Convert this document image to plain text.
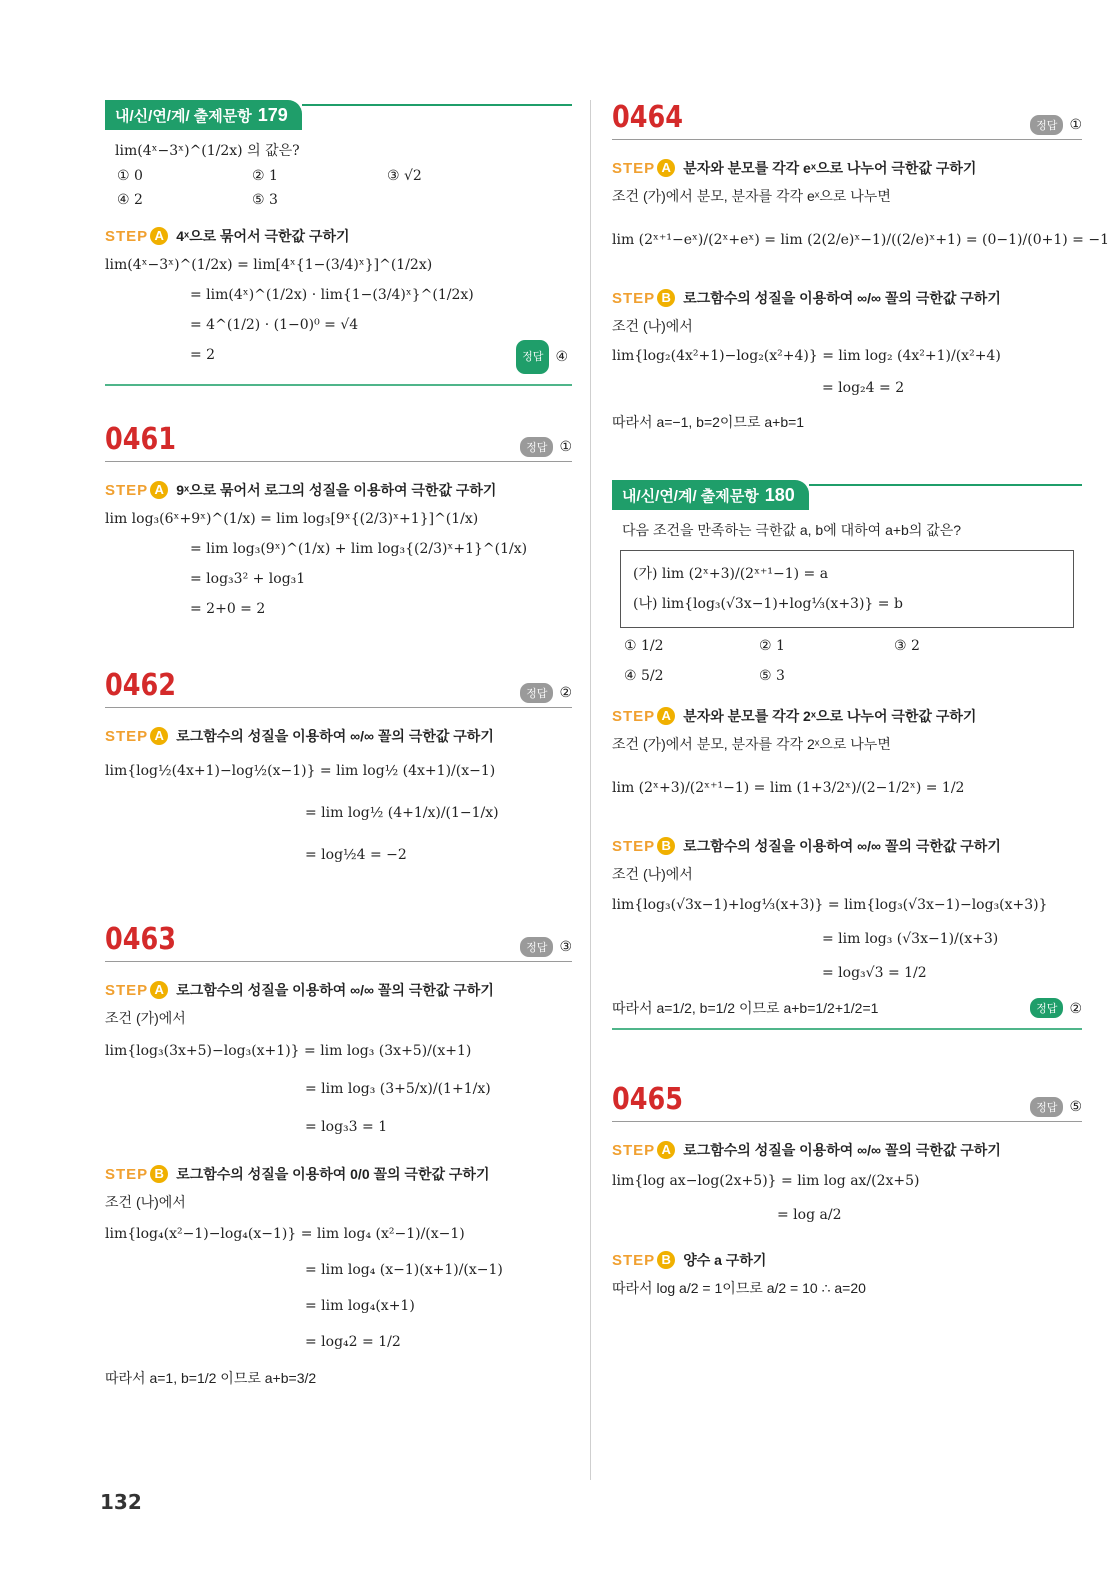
내/신/연/계/ 출제문항 179
lim(4ˣ−3ˣ)^(1/2x) 의 값은?
① 0	② 1	③ √2
④ 2	⑤ 3
STEP A 4ˣ으로 묶어서 극한값 구하기
lim(4ˣ−3ˣ)^(1/2x) = lim[4ˣ{1−(3/4)ˣ}]^(1/2x)
= lim(4ˣ)^(1/2x) · lim{1−(3/4)ˣ}^(1/2x)
= 4^(1/2) · (1−0)⁰ = √4
= 2	정답 ④
0461	정답 ①
STEP A 9ˣ으로 묶어서 로그의 성질을 이용하여 극한값 구하기
lim log₃(6ˣ+9ˣ)^(1/x) = lim log₃[9ˣ{(2/3)ˣ+1}]^(1/x)
= lim log₃(9ˣ)^(1/x) + lim log₃{(2/3)ˣ+1}^(1/x)
= log₃3² + log₃1
= 2+0 = 2
0462	정답 ②
STEP A 로그함수의 성질을 이용하여 ∞/∞ 꼴의 극한값 구하기
lim{log½(4x+1)−log½(x−1)} = lim log½ (4x+1)/(x−1)
= lim log½ (4+1/x)/(1−1/x)
= log½4 = −2
0463	정답 ③
STEP A 로그함수의 성질을 이용하여 ∞/∞ 꼴의 극한값 구하기
조건 (가)에서
lim{log₃(3x+5)−log₃(x+1)} = lim log₃ (3x+5)/(x+1)
= lim log₃ (3+5/x)/(1+1/x)
= log₃3 = 1
STEP B 로그함수의 성질을 이용하여 0/0 꼴의 극한값 구하기
조건 (나)에서
lim{log₄(x²−1)−log₄(x−1)} = lim log₄ (x²−1)/(x−1)
= lim log₄ (x−1)(x+1)/(x−1)
= lim log₄(x+1)
= log₄2 = 1/2
따라서 a=1, b=1/2 이므로 a+b=3/2
0464	정답 ①
STEP A 분자와 분모를 각각 eˣ으로 나누어 극한값 구하기
조건 (가)에서 분모, 분자를 각각 eˣ으로 나누면
lim (2ˣ⁺¹−eˣ)/(2ˣ+eˣ) = lim (2(2/e)ˣ−1)/((2/e)ˣ+1) = (0−1)/(0+1) = −1
STEP B 로그함수의 성질을 이용하여 ∞/∞ 꼴의 극한값 구하기
조건 (나)에서
lim{log₂(4x²+1)−log₂(x²+4)} = lim log₂ (4x²+1)/(x²+4)
= log₂4 = 2
따라서 a=−1, b=2이므로 a+b=1
내/신/연/계/ 출제문항 180
다음 조건을 만족하는 극한값 a, b에 대하여 a+b의 값은?
(가) lim (2ˣ+3)/(2ˣ⁺¹−1) = a
(나) lim{log₃(√3x−1)+log⅓(x+3)} = b
① 1/2	② 1	③ 2
④ 5/2	⑤ 3
STEP A 분자와 분모를 각각 2ˣ으로 나누어 극한값 구하기
조건 (가)에서 분모, 분자를 각각 2ˣ으로 나누면
lim (2ˣ+3)/(2ˣ⁺¹−1) = lim (1+3/2ˣ)/(2−1/2ˣ) = 1/2
STEP B 로그함수의 성질을 이용하여 ∞/∞ 꼴의 극한값 구하기
조건 (나)에서
lim{log₃(√3x−1)+log⅓(x+3)} = lim{log₃(√3x−1)−log₃(x+3)}
= lim log₃ (√3x−1)/(x+3)
= log₃√3 = 1/2
따라서 a=1/2, b=1/2 이므로 a+b=1/2+1/2=1	정답 ②
0465	정답 ⑤
STEP A 로그함수의 성질을 이용하여 ∞/∞ 꼴의 극한값 구하기
lim{log ax−log(2x+5)} = lim log ax/(2x+5)
= log a/2
STEP B 양수 a 구하기
따라서 log a/2 = 1이므로 a/2 = 10 ∴ a=20
132
